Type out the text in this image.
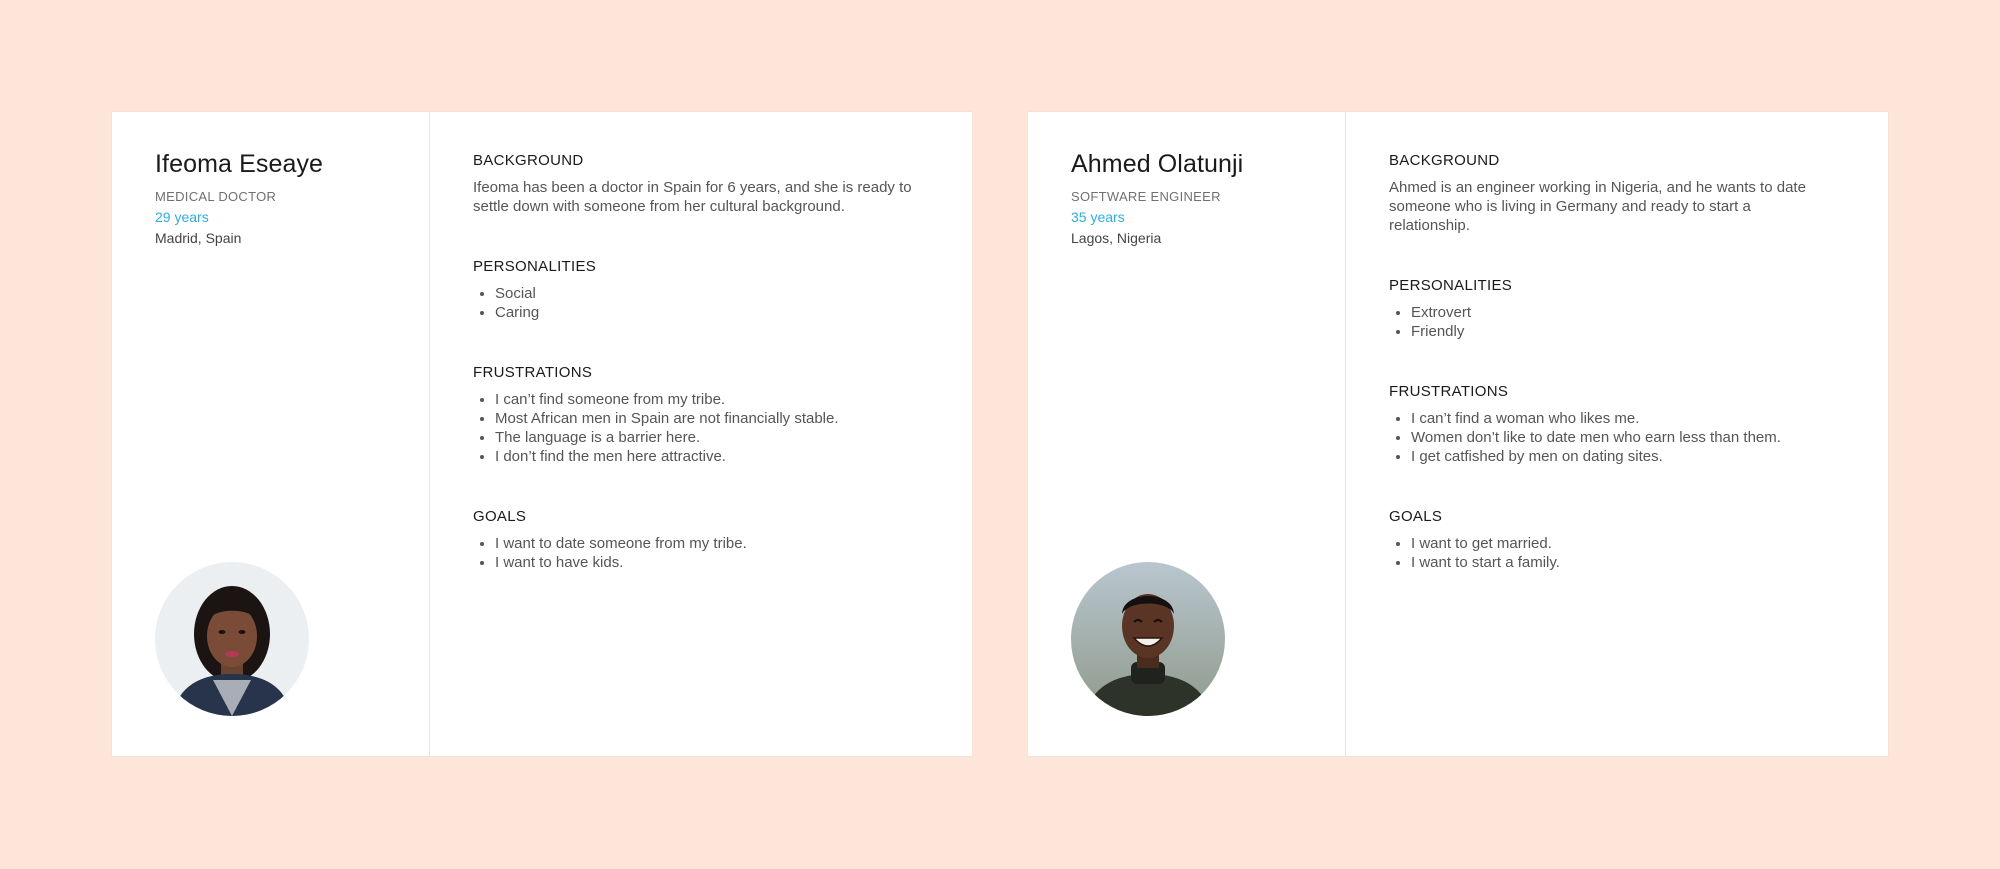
Ifeoma Eseaye
MEDICAL DOCTOR
29 years
Madrid, Spain
BACKGROUND

Ifeoma has been a doctor in Spain for 6 years, and she is ready to settle down with someone from her cultural background.

PERSONALITIES
• Social
• Caring
FRUSTRATIONS
• I can’t find someone from my tribe.
• Most African men in Spain are not financially stable.
• The language is a barrier here.
• I don’t find the men here attractive.
GOALS
• I want to date someone from my tribe.
• I want to have kids.
Ahmed Olatunji
SOFTWARE ENGINEER
35 years
Lagos, Nigeria
BACKGROUND

Ahmed is an engineer working in Nigeria, and he wants to date someone who is living in Germany and ready to start a relationship.

PERSONALITIES
• Extrovert
• Friendly
FRUSTRATIONS
• I can’t find a woman who likes me.
• Women don’t like to date men who earn less than them.
• I get catfished by men on dating sites.
GOALS
• I want to get married.
• I want to start a family.
